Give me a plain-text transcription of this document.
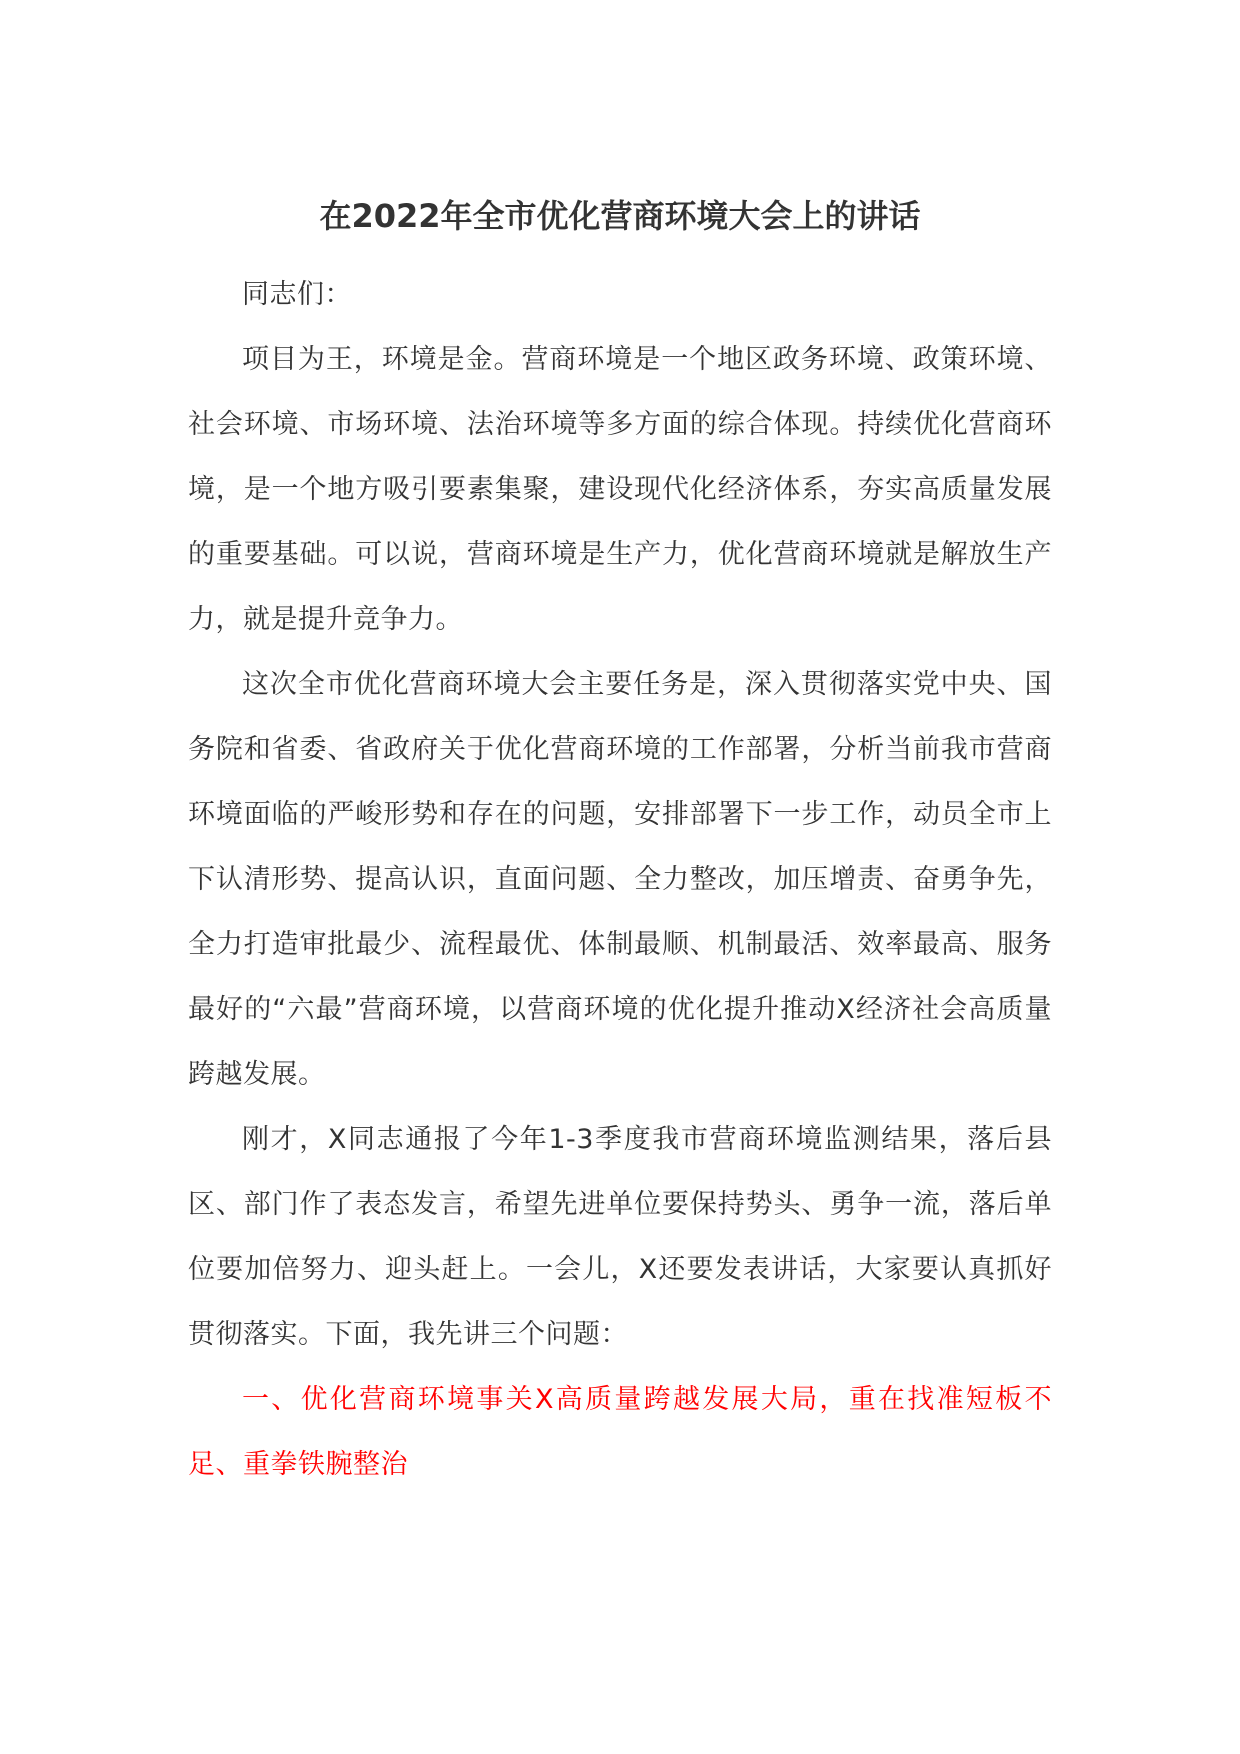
在2022年全市优化营商环境大会上的讲话

同志们：

项目为王，环境是金。营商环境是一个地区政务环境、政策环境、社会环境、市场环境、法治环境等多方面的综合体现。持续优化营商环境，是一个地方吸引要素集聚，建设现代化经济体系，夯实高质量发展的重要基础。可以说，营商环境是生产力，优化营商环境就是解放生产力，就是提升竞争力。

这次全市优化营商环境大会主要任务是，深入贯彻落实党中央、国务院和省委、省政府关于优化营商环境的工作部署，分析当前我市营商环境面临的严峻形势和存在的问题，安排部署下一步工作，动员全市上下认清形势、提高认识，直面问题、全力整改，加压增责、奋勇争先，全力打造审批最少、流程最优、体制最顺、机制最活、效率最高、服务最好的“六最”营商环境，以营商环境的优化提升推动X经济社会高质量跨越发展。

刚才，X同志通报了今年1-3季度我市营商环境监测结果，落后县区、部门作了表态发言，希望先进单位要保持势头、勇争一流，落后单位要加倍努力、迎头赶上。一会儿，X还要发表讲话，大家要认真抓好贯彻落实。下面，我先讲三个问题：

一、优化营商环境事关X高质量跨越发展大局，重在找准短板不足、重拳铁腕整治
